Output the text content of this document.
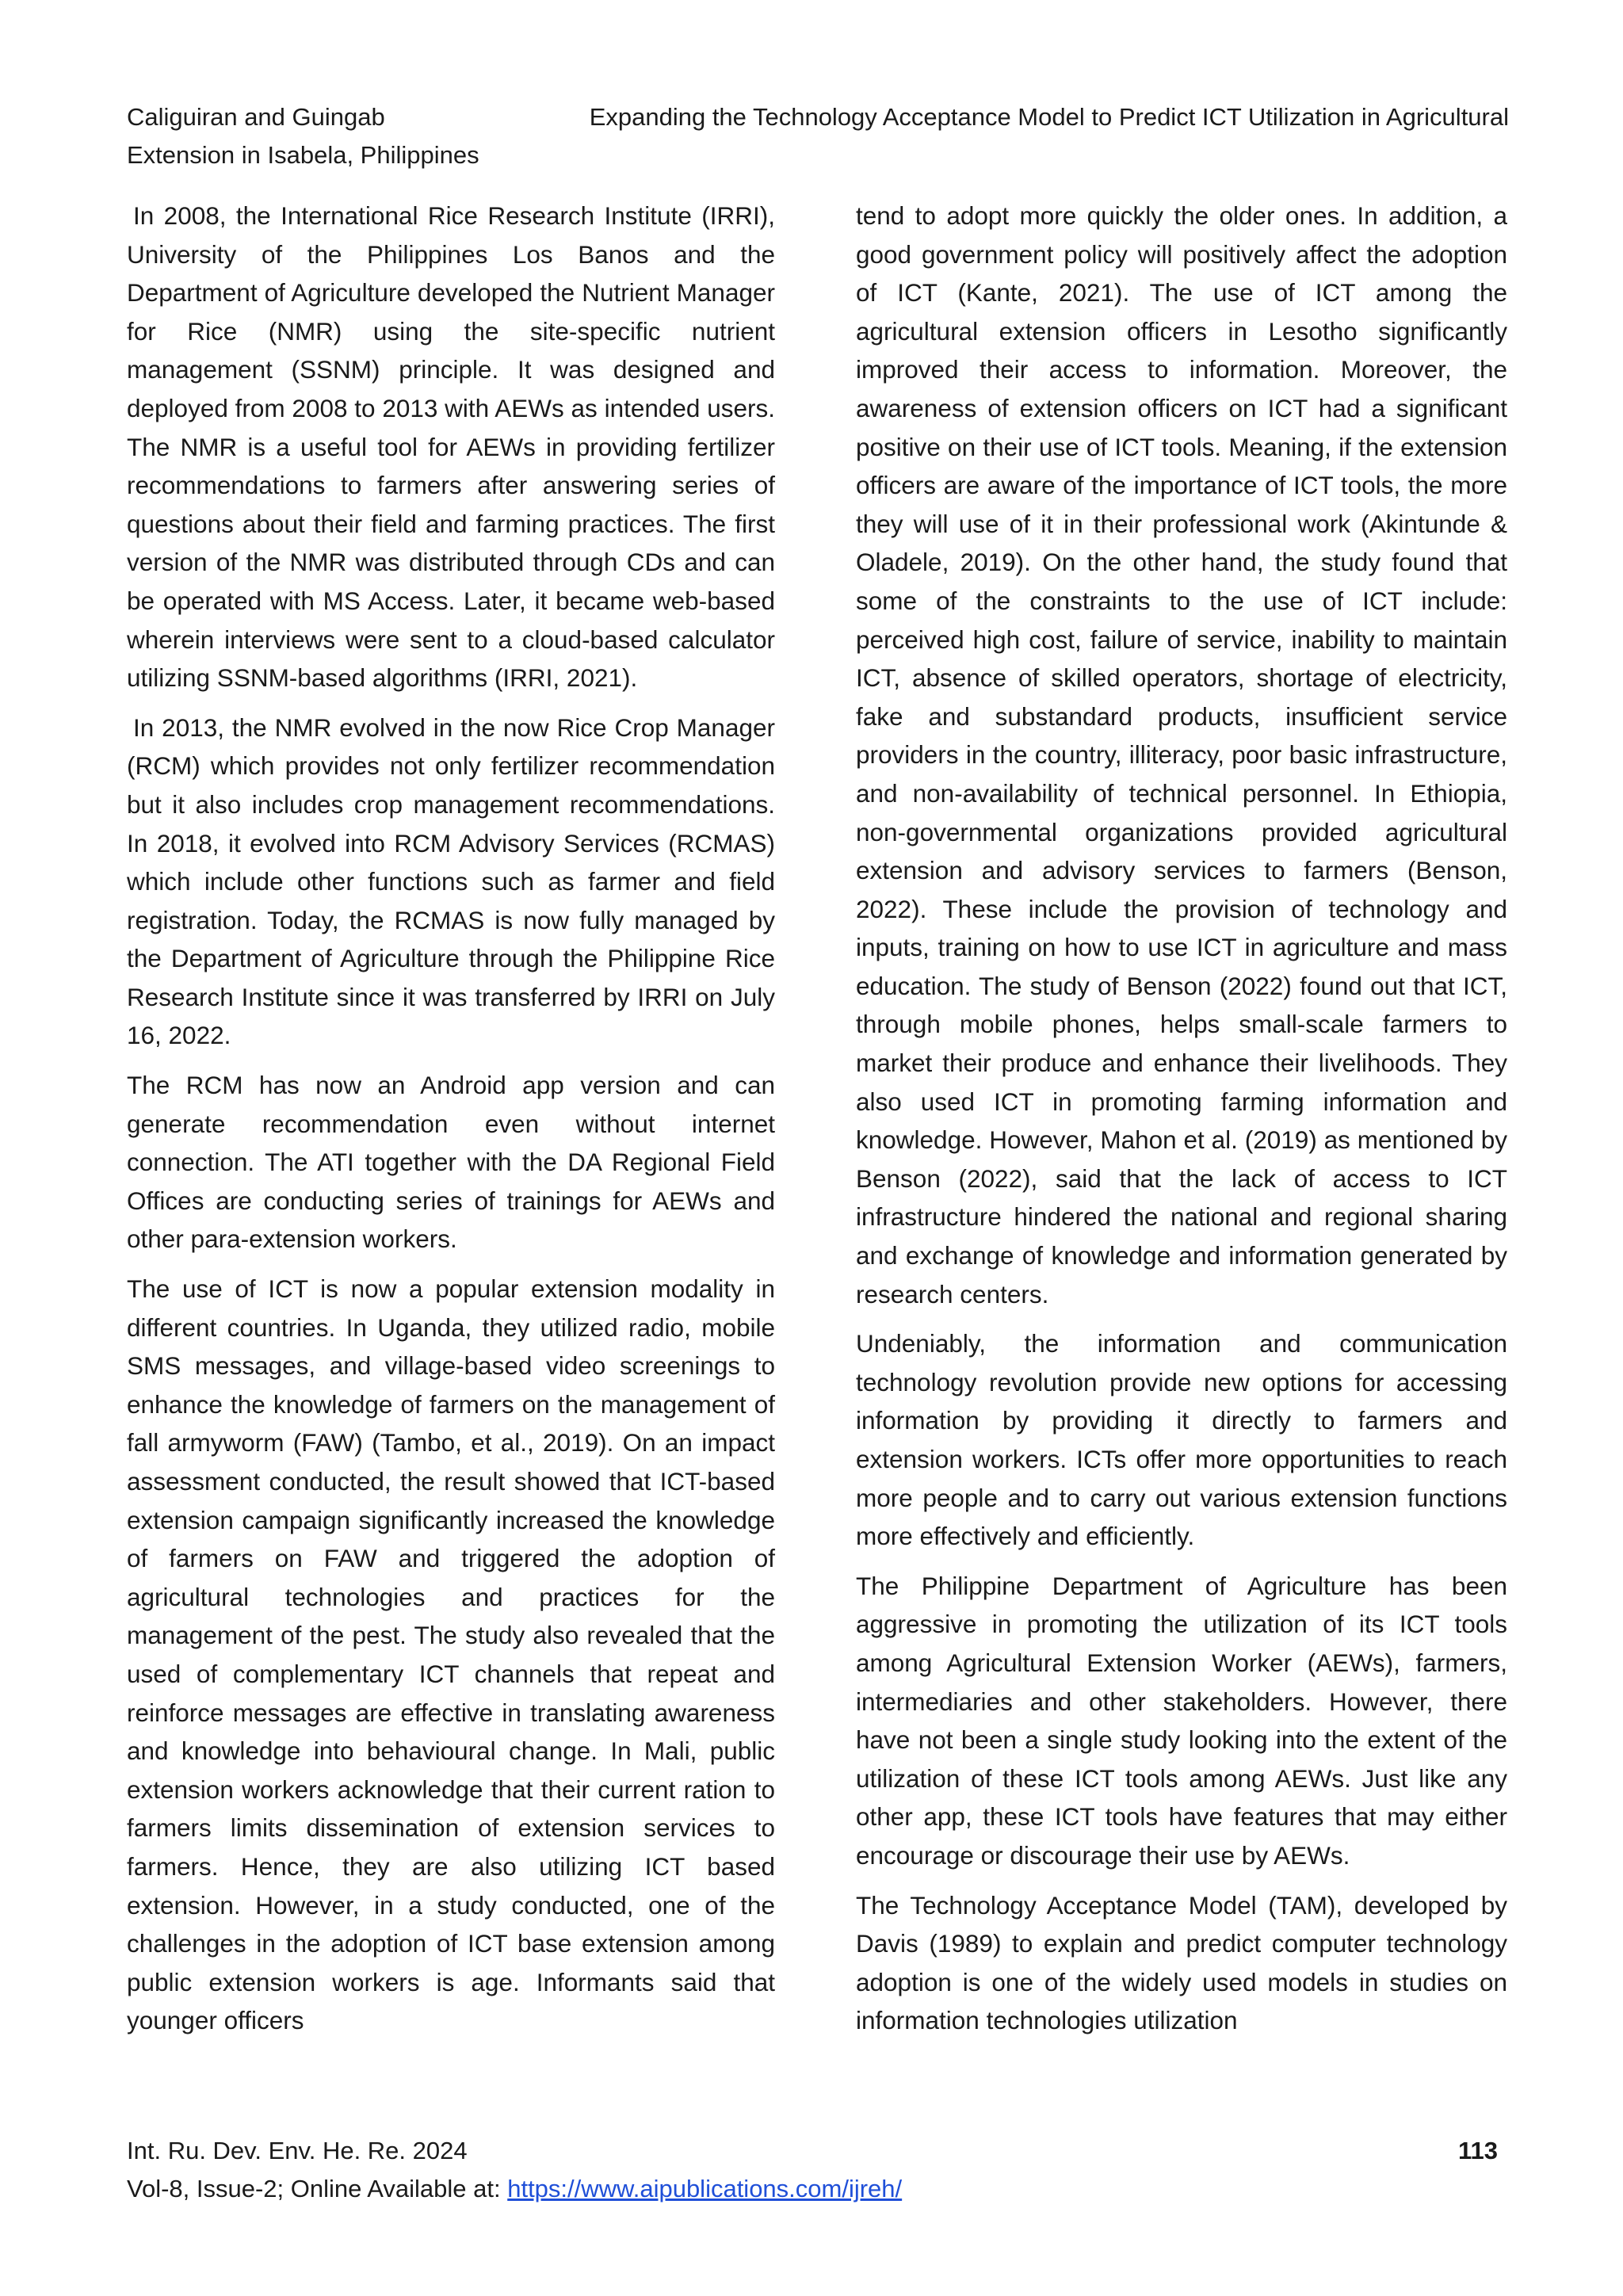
Caliguiran and Guingab
Extension in Isabela, Philippines
Expanding the Technology Acceptance Model to Predict ICT Utilization in Agricultural

In 2008, the International Rice Research Institute (IRRI), University of the Philippines Los Banos and the Department of Agriculture developed the Nutrient Manager for Rice (NMR) using the site-specific nutrient management (SSNM) principle. It was designed and deployed from 2008 to 2013 with AEWs as intended users. The NMR is a useful tool for AEWs in providing fertilizer recommendations to farmers after answering series of questions about their field and farming practices. The first version of the NMR was distributed through CDs and can be operated with MS Access. Later, it became web-based wherein interviews were sent to a cloud-based calculator utilizing SSNM-based algorithms (IRRI, 2021).

In 2013, the NMR evolved in the now Rice Crop Manager (RCM) which provides not only fertilizer recommendation but it also includes crop management recommendations. In 2018, it evolved into RCM Advisory Services (RCMAS) which include other functions such as farmer and field registration. Today, the RCMAS is now fully managed by the Department of Agriculture through the Philippine Rice Research Institute since it was transferred by IRRI on July 16, 2022.

The RCM has now an Android app version and can generate recommendation even without internet connection. The ATI together with the DA Regional Field Offices are conducting series of trainings for AEWs and other para-extension workers.

The use of ICT is now a popular extension modality in different countries. In Uganda, they utilized radio, mobile SMS messages, and village-based video screenings to enhance the knowledge of farmers on the management of fall armyworm (FAW) (Tambo, et al., 2019). On an impact assessment conducted, the result showed that ICT-based extension campaign significantly increased the knowledge of farmers on FAW and triggered the adoption of agricultural technologies and practices for the management of the pest. The study also revealed that the used of complementary ICT channels that repeat and reinforce messages are effective in translating awareness and knowledge into behavioural change. In Mali, public extension workers acknowledge that their current ration to farmers limits dissemination of extension services to farmers. Hence, they are also utilizing ICT based extension. However, in a study conducted, one of the challenges in the adoption of ICT base extension among public extension workers is age. Informants said that younger officers

tend to adopt more quickly the older ones. In addition, a good government policy will positively affect the adoption of ICT (Kante, 2021). The use of ICT among the agricultural extension officers in Lesotho significantly improved their access to information. Moreover, the awareness of extension officers on ICT had a significant positive on their use of ICT tools. Meaning, if the extension officers are aware of the importance of ICT tools, the more they will use of it in their professional work (Akintunde & Oladele, 2019). On the other hand, the study found that some of the constraints to the use of ICT include: perceived high cost, failure of service, inability to maintain ICT, absence of skilled operators, shortage of electricity, fake and substandard products, insufficient service providers in the country, illiteracy, poor basic infrastructure, and non-availability of technical personnel. In Ethiopia, non-governmental organizations provided agricultural extension and advisory services to farmers (Benson, 2022). These include the provision of technology and inputs, training on how to use ICT in agriculture and mass education. The study of Benson (2022) found out that ICT, through mobile phones, helps small-scale farmers to market their produce and enhance their livelihoods. They also used ICT in promoting farming information and knowledge. However, Mahon et al. (2019) as mentioned by Benson (2022), said that the lack of access to ICT infrastructure hindered the national and regional sharing and exchange of knowledge and information generated by research centers.

Undeniably, the information and communication technology revolution provide new options for accessing information by providing it directly to farmers and extension workers. ICTs offer more opportunities to reach more people and to carry out various extension functions more effectively and efficiently.

The Philippine Department of Agriculture has been aggressive in promoting the utilization of its ICT tools among Agricultural Extension Worker (AEWs), farmers, intermediaries and other stakeholders. However, there have not been a single study looking into the extent of the utilization of these ICT tools among AEWs. Just like any other app, these ICT tools have features that may either encourage or discourage their use by AEWs.

The Technology Acceptance Model (TAM), developed by Davis (1989) to explain and predict computer technology adoption is one of the widely used models in studies on information technologies utilization

Int. Ru. Dev. Env. He. Re. 2024
Vol-8, Issue-2; Online Available at: https://www.aipublications.com/ijreh/
113
